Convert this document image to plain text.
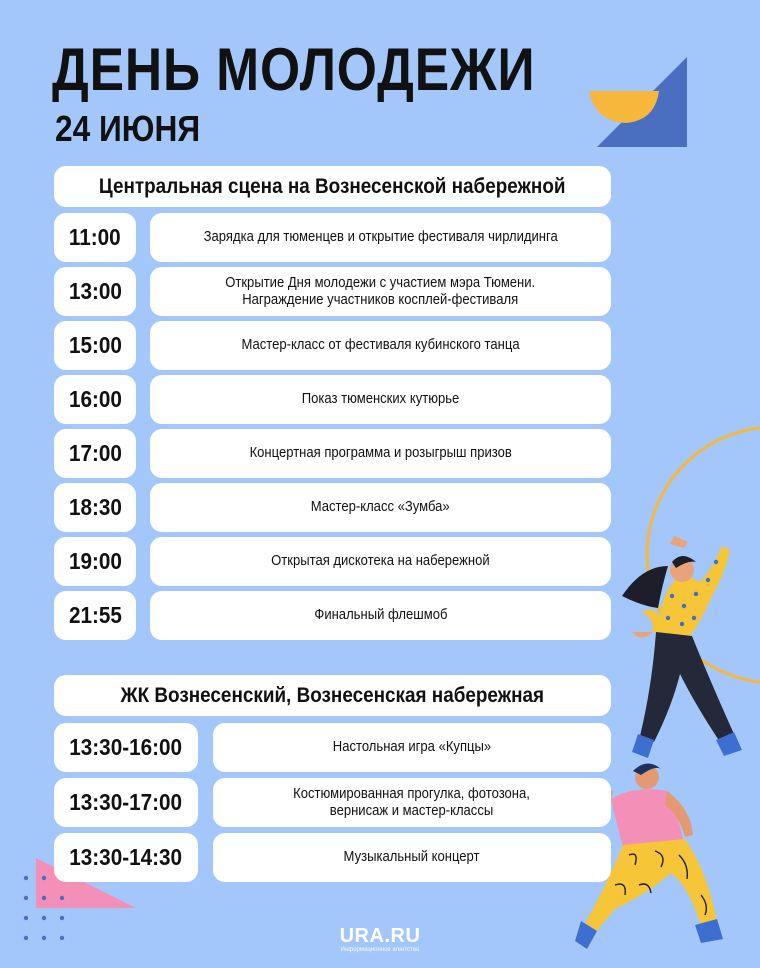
ДЕНЬ МОЛОДЕЖИ
24 ИЮНЯ
Центральная сцена на Вознесенской набережной
11:00	Зарядка для тюменцев и открытие фестиваля чирлидинга
13:00	Открытие Дня молодежи с участием мэра Тюмени.
Награждение участников косплей-фестиваля
15:00	Мастер-класс от фестиваля кубинского танца
16:00	Показ тюменских кутюрье
17:00	Концертная программа и розыгрыш призов
18:30	Мастер-класс «Зумба»
19:00	Открытая дискотека на набережной
21:55	Финальный флешмоб
ЖК Вознесенский, Вознесенская набережная
13:30-16:00	Настольная игра «Купцы»
13:30-17:00	Костюмированная прогулка, фотозона,
вернисаж и мастер-классы
13:30-14:30	Музыкальный концерт
URA.RU
Информационное агентство
